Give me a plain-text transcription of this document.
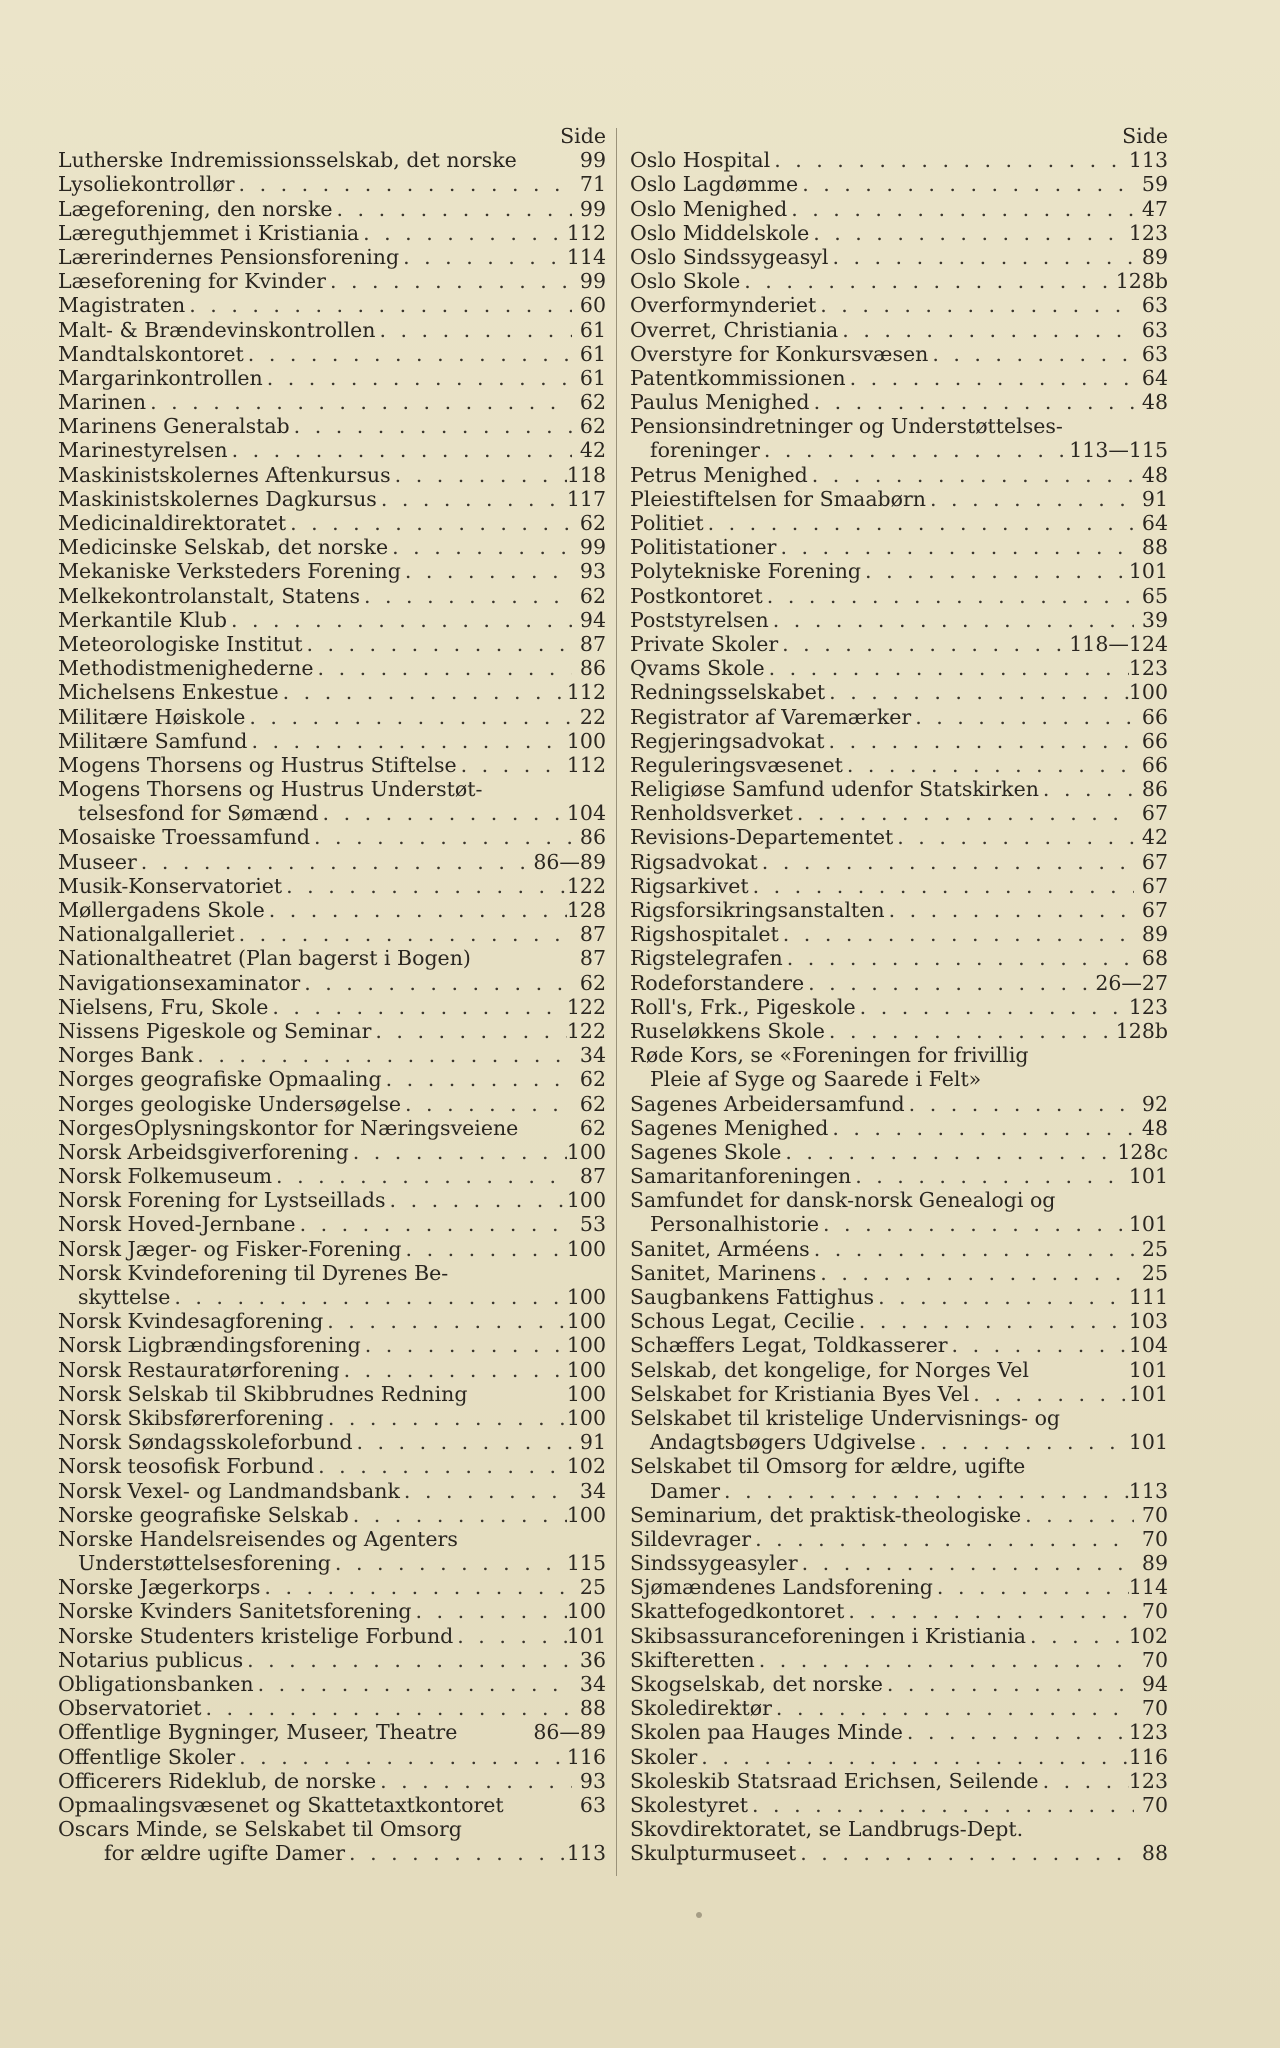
Side
Lutherske Indremissionsselskab, det norske	99
Lysoliekontrollør . . .	71
Lægeforening, den norske . . .	99
Læreguthjemmet i Kristiania . . .	112
Lærerindernes Pensionsforening . . .	114
Læseforening for Kvinder . . .	99
Magistraten . . .	60
Malt- & Brændevinskontrollen . . .	61
Mandtalskontoret . . .	61
Margarinkontrollen . . .	61
Marinen . . .	62
Marinens Generalstab . . .	62
Marinestyrelsen . . .	42
Maskinistskolernes Aftenkursus . . .	118
Maskinistskolernes Dagkursus . . .	117
Medicinaldirektoratet . . .	62
Medicinske Selskab, det norske . . .	99
Mekaniske Verksteders Forening . . .	93
Melkekontrolanstalt, Statens . . .	62
Merkantile Klub . . .	94
Meteorologiske Institut . . .	87
Methodistmenighederne . . .	86
Michelsens Enkestue . . .	112
Militære Høiskole . . .	22
Militære Samfund . . .	100
Mogens Thorsens og Hustrus Stiftelse . . .	112
Mogens Thorsens og Hustrus Understøt-
telsesfond for Sømænd . . .	104
Mosaiske Troessamfund . . .	86
Museer . . .	86—89
Musik-Konservatoriet . . .	122
Møllergadens Skole . . .	128
Nationalgalleriet . . .	87
Nationaltheatret (Plan bagerst i Bogen)	87
Navigationsexaminator . . .	62
Nielsens, Fru, Skole . . .	122
Nissens Pigeskole og Seminar . . .	122
Norges Bank . . .	34
Norges geografiske Opmaaling . . .	62
Norges geologiske Undersøgelse . . .	62
NorgesOplysningskontor for Næringsveiene	62
Norsk Arbeidsgiverforening . . .	100
Norsk Folkemuseum . . .	87
Norsk Forening for Lystseillads . . .	100
Norsk Hoved-Jernbane . . .	53
Norsk Jæger- og Fisker-Forening . . .	100
Norsk Kvindeforening til Dyrenes Be-
skyttelse . . .	100
Norsk Kvindesagforening . . .	100
Norsk Ligbrændingsforening . . .	100
Norsk Restauratørforening . . .	100
Norsk Selskab til Skibbrudnes Redning	100
Norsk Skibsførerforening . . .	100
Norsk Søndagsskoleforbund . . .	91
Norsk teosofisk Forbund . . .	102
Norsk Vexel- og Landmandsbank . . .	34
Norske geografiske Selskab . . .	100
Norske Handelsreisendes og Agenters
Understøttelsesforening . . .	115
Norske Jægerkorps . . .	25
Norske Kvinders Sanitetsforening . . .	100
Norske Studenters kristelige Forbund . . .	101
Notarius publicus . . .	36
Obligationsbanken . . .	34
Observatoriet . . .	88
Offentlige Bygninger, Museer, Theatre	86—89
Offentlige Skoler . . .	116
Officerers Rideklub, de norske . . .	93
Opmaalingsvæsenet og Skattetaxtkontoret	63
Oscars Minde, se Selskabet til Omsorg
for ældre ugifte Damer . . .	113
Side
Oslo Hospital . . .	113
Oslo Lagdømme . . .	59
Oslo Menighed . . .	47
Oslo Middelskole . . .	123
Oslo Sindssygeasyl . . .	89
Oslo Skole . . .	128b
Overformynderiet . . .	63
Overret, Christiania . . .	63
Overstyre for Konkursvæsen . . .	63
Patentkommissionen . . .	64
Paulus Menighed . . .	48
Pensionsindretninger og Understøttelses-
foreninger . . .	113—115
Petrus Menighed . . .	48
Pleiestiftelsen for Smaabørn . . .	91
Politiet . . .	64
Politistationer . . .	88
Polytekniske Forening . . .	101
Postkontoret . . .	65
Poststyrelsen . . .	39
Private Skoler . . .	118—124
Qvams Skole . . .	123
Redningsselskabet . . .	100
Registrator af Varemærker . . .	66
Regjeringsadvokat . . .	66
Reguleringsvæsenet . . .	66
Religiøse Samfund udenfor Statskirken . . .	86
Renholdsverket . . .	67
Revisions-Departementet . . .	42
Rigsadvokat . . .	67
Rigsarkivet . . .	67
Rigsforsikringsanstalten . . .	67
Rigshospitalet . . .	89
Rigstelegrafen . . .	68
Rodeforstandere . . .	26—27
Roll's, Frk., Pigeskole . . .	123
Ruseløkkens Skole . . .	128b
Røde Kors, se «Foreningen for frivillig
Pleie af Syge og Saarede i Felt»
Sagenes Arbeidersamfund . . .	92
Sagenes Menighed . . .	48
Sagenes Skole . . .	128c
Samaritanforeningen . . .	101
Samfundet for dansk-norsk Genealogi og
Personalhistorie . . .	101
Sanitet, Arméens . . .	25
Sanitet, Marinens . . .	25
Saugbankens Fattighus . . .	111
Schous Legat, Cecilie . . .	103
Schæffers Legat, Toldkasserer . . .	104
Selskab, det kongelige, for Norges Vel	101
Selskabet for Kristiania Byes Vel . . .	101
Selskabet til kristelige Undervisnings- og
Andagtsbøgers Udgivelse . . .	101
Selskabet til Omsorg for ældre, ugifte
Damer . . .	113
Seminarium, det praktisk-theologiske . . .	70
Sildevrager . . .	70
Sindssygeasyler . . .	89
Sjømændenes Landsforening . . .	114
Skattefogedkontoret . . .	70
Skibsassuranceforeningen i Kristiania . . .	102
Skifteretten . . .	70
Skogselskab, det norske . . .	94
Skoledirektør . . .	70
Skolen paa Hauges Minde . . .	123
Skoler . . .	116
Skoleskib Statsraad Erichsen, Seilende . . .	123
Skolestyret . . .	70
Skovdirektoratet, se Landbrugs-Dept.
Skulpturmuseet . . .	88
